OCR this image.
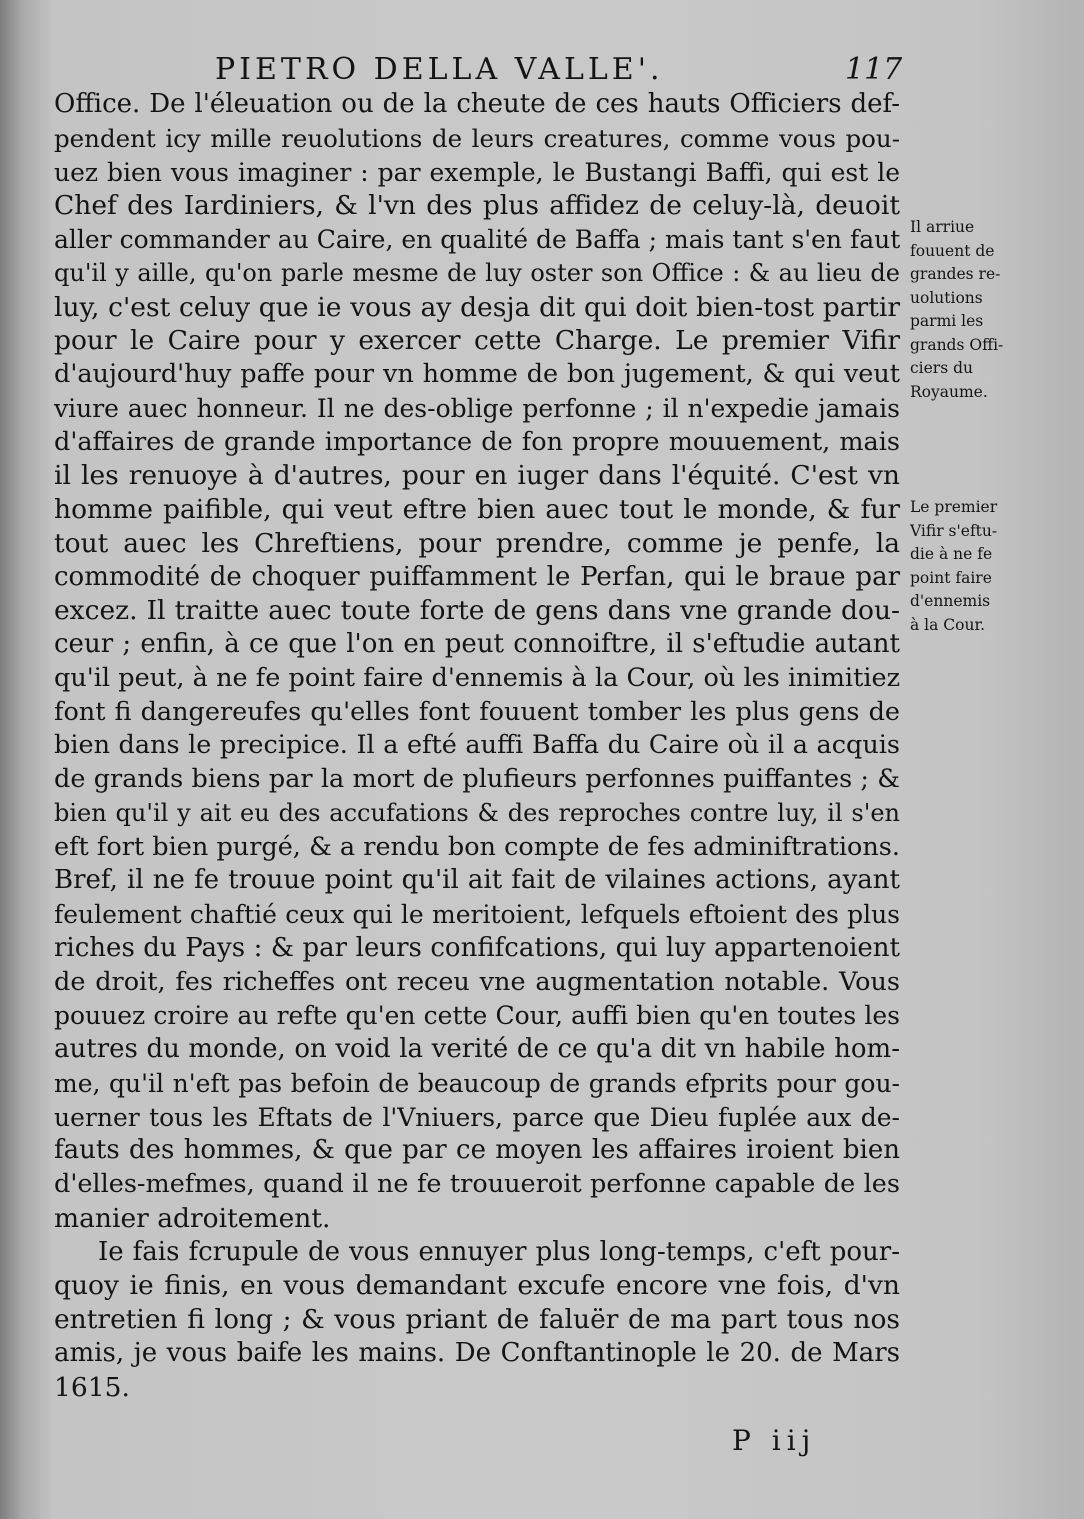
PIETRO DELLA VALLE'.	117
Office. De l'éleuation ou de la cheute de ces hauts Officiers def-
pendent icy mille reuolutions de leurs creatures, comme vous pou-
uez bien vous imaginer : par exemple, le Bustangi Baffi, qui est le
Chef des Iardiniers, & l'vn des plus affidez de celuy-là, deuoit
aller commander au Caire, en qualité de Baffa ; mais tant s'en faut
qu'il y aille, qu'on parle mesme de luy oster son Office : & au lieu de
luy, c'est celuy que ie vous ay desja dit qui doit bien-tost partir
pour le Caire pour y exercer cette Charge. Le premier Vifir
d'aujourd'huy paffe pour vn homme de bon jugement, & qui veut
viure auec honneur. Il ne des-oblige perfonne ; il n'expedie jamais
d'affaires de grande importance de fon propre mouuement, mais
il les renuoye à d'autres, pour en iuger dans l'équité. C'est vn
homme paifible, qui veut eftre bien auec tout le monde, & fur
tout auec les Chreftiens, pour prendre, comme je penfe, la
commodité de choquer puiffamment le Perfan, qui le braue par
excez. Il traitte auec toute forte de gens dans vne grande dou-
ceur ; enfin, à ce que l'on en peut connoiftre, il s'eftudie autant
qu'il peut, à ne fe point faire d'ennemis à la Cour, où les inimitiez
font fi dangereufes qu'elles font fouuent tomber les plus gens de
bien dans le precipice. Il a efté auffi Baffa du Caire où il a acquis
de grands biens par la mort de plufieurs perfonnes puiffantes ; &
bien qu'il y ait eu des accufations & des reproches contre luy, il s'en
eft fort bien purgé, & a rendu bon compte de fes adminiftrations.
Bref, il ne fe trouue point qu'il ait fait de vilaines actions, ayant
feulement chaftié ceux qui le meritoient, lefquels eftoient des plus
riches du Pays : & par leurs confifcations, qui luy appartenoient
de droit, fes richeffes ont receu vne augmentation notable. Vous
pouuez croire au refte qu'en cette Cour, auffi bien qu'en toutes les
autres du monde, on void la verité de ce qu'a dit vn habile hom-
me, qu'il n'eft pas befoin de beaucoup de grands efprits pour gou-
uerner tous les Eftats de l'Vniuers, parce que Dieu fuplée aux de-
fauts des hommes, & que par ce moyen les affaires iroient bien
d'elles-mefmes, quand il ne fe trouueroit perfonne capable de les
manier adroitement.
Ie fais fcrupule de vous ennuyer plus long-temps, c'eft pour-
quoy ie finis, en vous demandant excufe encore vne fois, d'vn
entretien fi long ; & vous priant de faluër de ma part tous nos
amis, je vous baife les mains. De Conftantinople le 20. de Mars
1615.
Il arriue
fouuent de
grandes re-
uolutions
parmi les
grands Offi-
ciers du
Royaume.
Le premier
Vifir s'eftu-
die à ne fe
point faire
d'ennemis
à la Cour.
P iij
